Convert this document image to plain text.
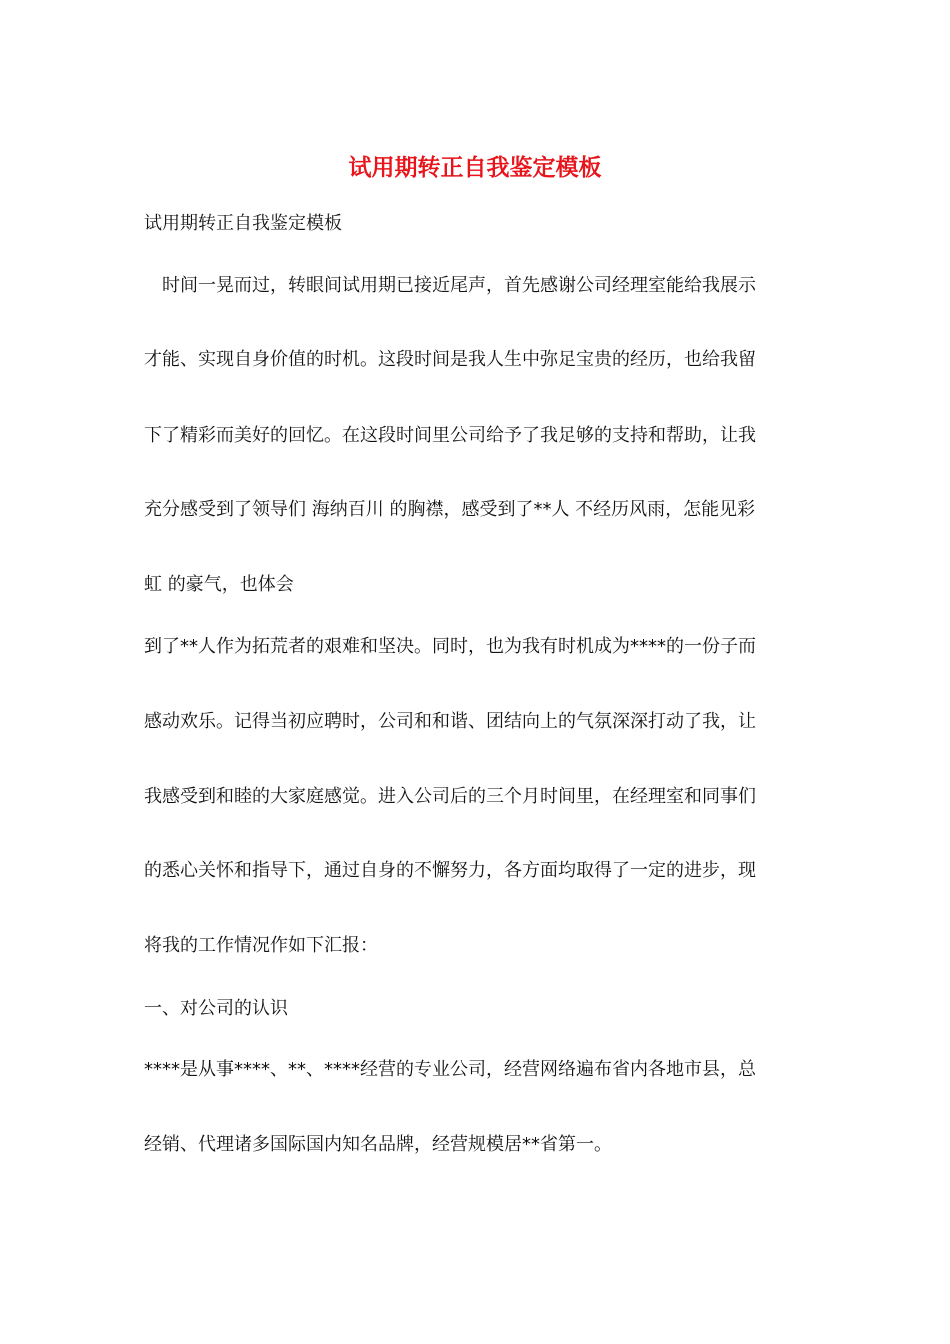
试用期转正自我鉴定模板
试用期转正自我鉴定模板
　时间一晃而过，转眼间试用期已接近尾声，首先感谢公司经理室能给我展示
才能、实现自身价值的时机。这段时间是我人生中弥足宝贵的经历，也给我留
下了精彩而美好的回忆。在这段时间里公司给予了我足够的支持和帮助，让我
充分感受到了领导们 海纳百川 的胸襟，感受到了**人 不经历风雨，怎能见彩
虹 的豪气，也体会
到了**人作为拓荒者的艰难和坚决。同时，也为我有时机成为****的一份子而
感动欢乐。记得当初应聘时，公司和和谐、团结向上的气氛深深打动了我，让
我感受到和睦的大家庭感觉。进入公司后的三个月时间里，在经理室和同事们
的悉心关怀和指导下，通过自身的不懈努力，各方面均取得了一定的进步，现
将我的工作情况作如下汇报：
一、对公司的认识
****是从事****、**、****经营的专业公司，经营网络遍布省内各地市县，总
经销、代理诸多国际国内知名品牌，经营规模居**省第一。
